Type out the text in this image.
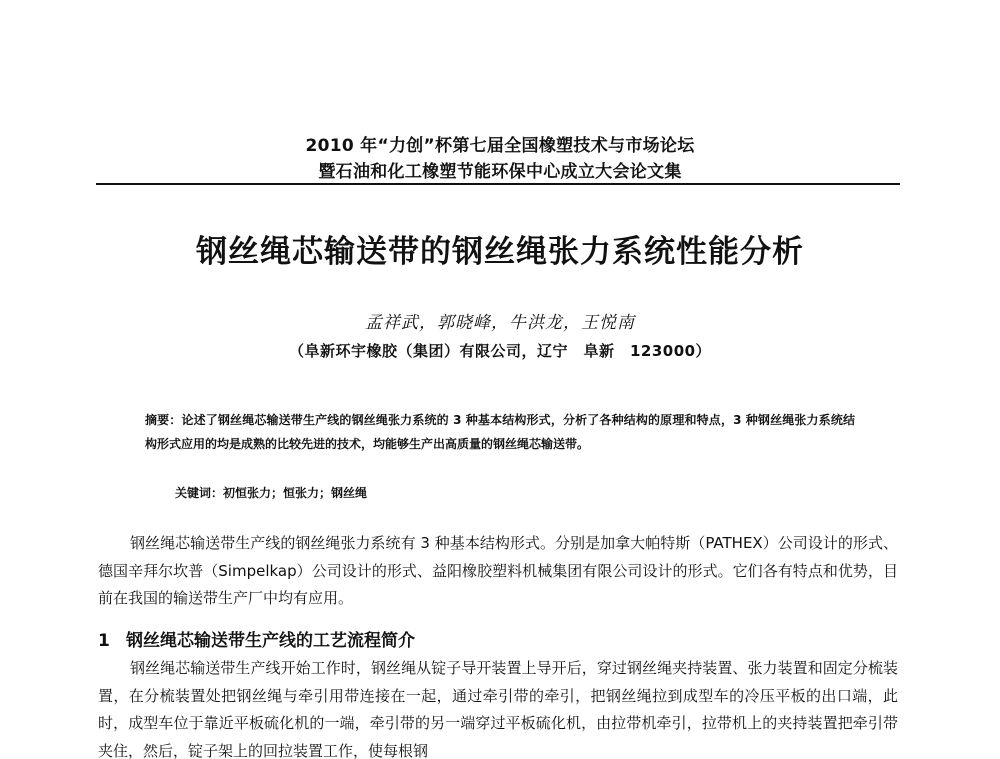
2010 年“力创”杯第七届全国橡塑技术与市场论坛
暨石油和化工橡塑节能环保中心成立大会论文集
钢丝绳芯输送带的钢丝绳张力系统性能分析
孟祥武，郭晓峰，牛洪龙，王悦南
（阜新环宇橡胶（集团）有限公司，辽宁　阜新　123000）
摘要：论述了钢丝绳芯输送带生产线的钢丝绳张力系统的 3 种基本结构形式，分析了各种结构的原理和特点，3 种钢丝绳张力系统结构形式应用的均是成熟的比较先进的技术，均能够生产出高质量的钢丝绳芯输送带。
关键词：初恒张力；恒张力；钢丝绳
钢丝绳芯输送带生产线的钢丝绳张力系统有 3 种基本结构形式。分别是加拿大帕特斯（PATHEX）公司设计的形式、德国辛拜尔坎普（Simpelkap）公司设计的形式、益阳橡胶塑料机械集团有限公司设计的形式。它们各有特点和优势，目前在我国的输送带生产厂中均有应用。
1 钢丝绳芯输送带生产线的工艺流程简介
钢丝绳芯输送带生产线开始工作时，钢丝绳从锭子导开装置上导开后，穿过钢丝绳夹持装置、张力装置和固定分梳装置，在分梳装置处把钢丝绳与牵引用带连接在一起，通过牵引带的牵引，把钢丝绳拉到成型车的冷压平板的出口端，此时，成型车位于靠近平板硫化机的一端，牵引带的另一端穿过平板硫化机，由拉带机牵引，拉带机上的夹持装置把牵引带夹住，然后，锭子架上的回拉装置工作，使每根钢
